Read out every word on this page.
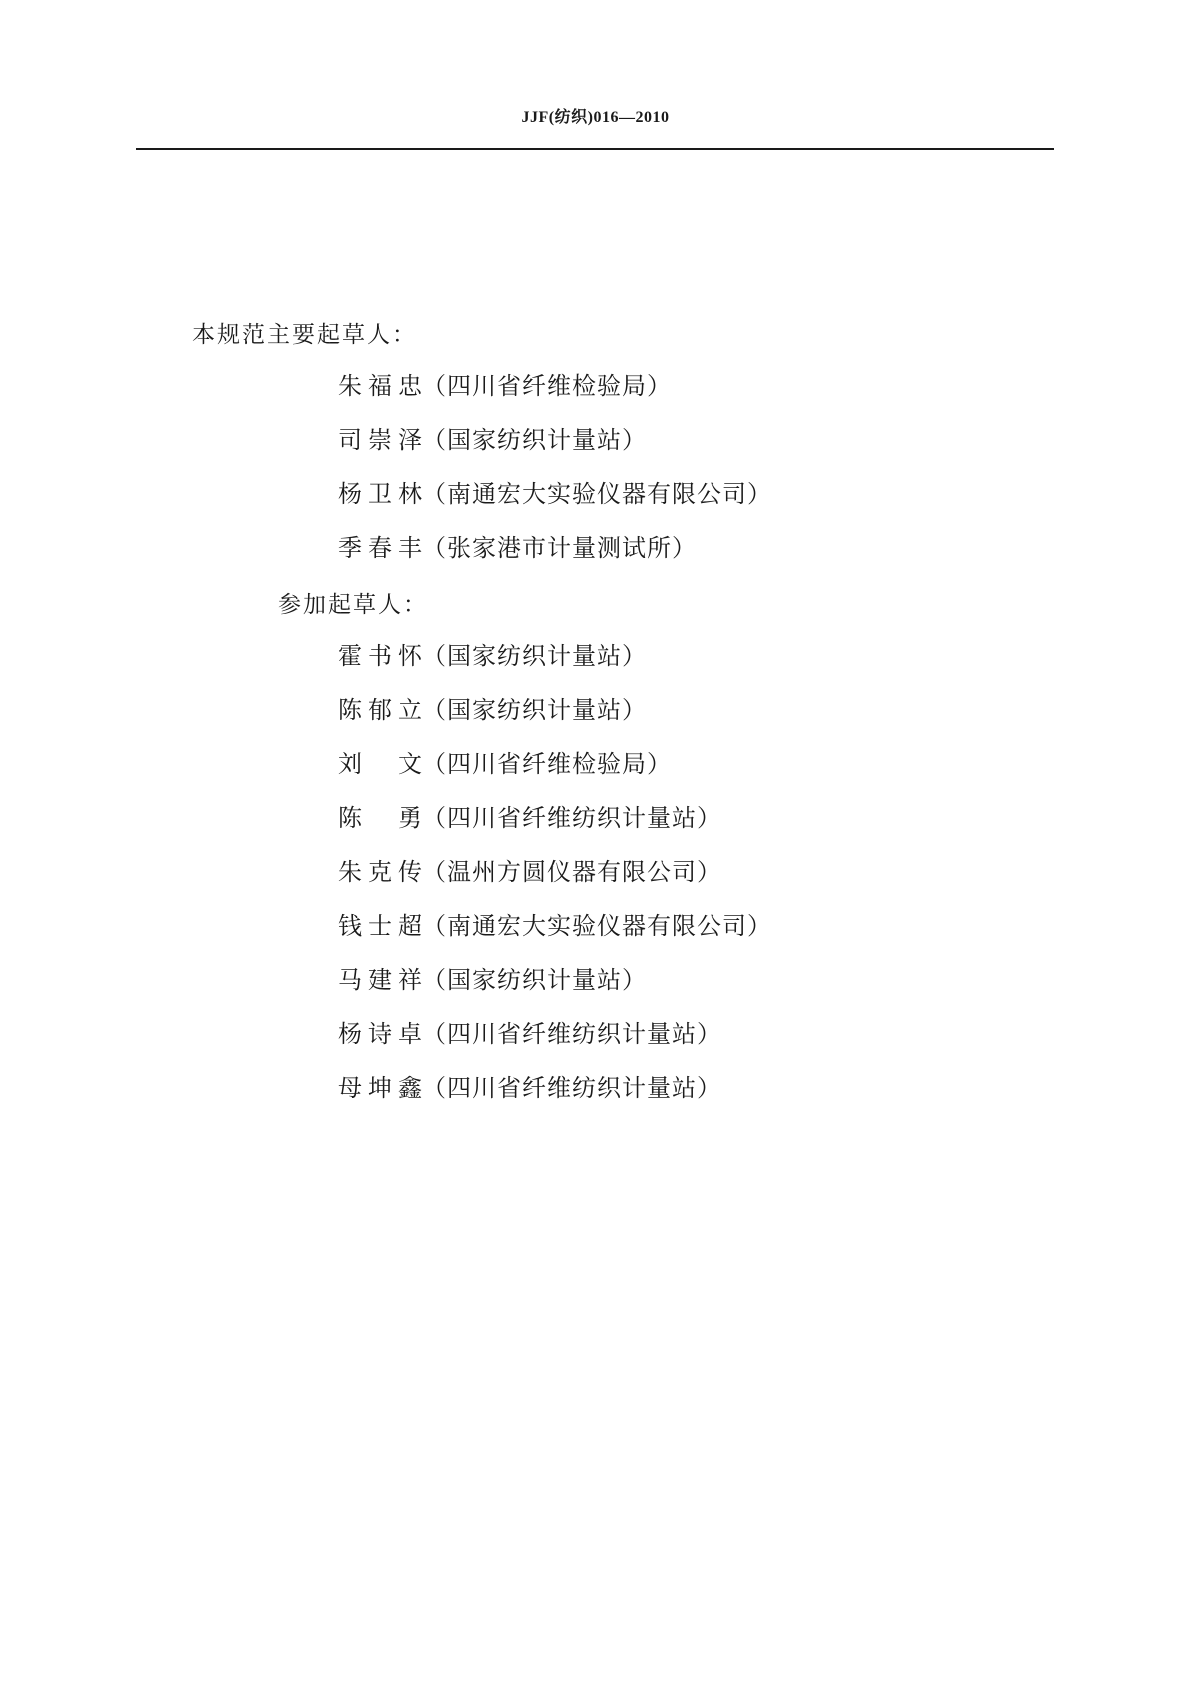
JJF(纺织)016—2010
本规范主要起草人：
朱福忠 （四川省纤维检验局）
司崇泽 （国家纺织计量站）
杨卫林 （南通宏大实验仪器有限公司）
季春丰 （张家港市计量测试所）
参加起草人：
霍书怀 （国家纺织计量站）
陈郁立 （国家纺织计量站）
刘 文 （四川省纤维检验局）
陈 勇 （四川省纤维纺织计量站）
朱克传 （温州方圆仪器有限公司）
钱士超 （南通宏大实验仪器有限公司）
马建祥 （国家纺织计量站）
杨诗卓 （四川省纤维纺织计量站）
母坤鑫 （四川省纤维纺织计量站）
